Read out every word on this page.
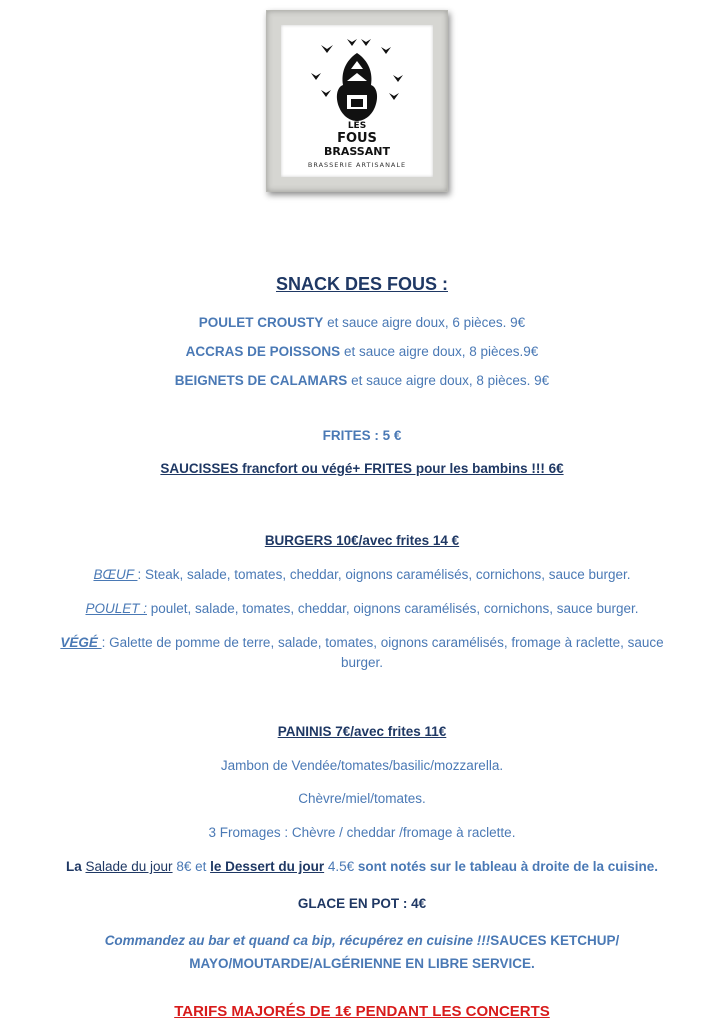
LES
FOUS
BRASSANT
BRASSERIE ARTISANALE
SNACK DES FOUS :
POULET CROUSTY et sauce aigre doux, 6 pièces. 9€
ACCRAS DE POISSONS et sauce aigre doux, 8 pièces.9€
BEIGNETS DE CALAMARS et sauce aigre doux, 8 pièces. 9€
FRITES : 5 €
SAUCISSES francfort ou végé+ FRITES pour les bambins !!! 6€
BURGERS 10€/avec frites 14 €
BŒUF : Steak, salade, tomates, cheddar, oignons caramélisés, cornichons, sauce burger.
POULET : poulet, salade, tomates, cheddar, oignons caramélisés, cornichons, sauce burger.
VÉGÉ : Galette de pomme de terre, salade, tomates, oignons caramélisés, fromage à raclette, sauce
burger.
PANINIS 7€/avec frites 11€
Jambon de Vendée/tomates/basilic/mozzarella.
Chèvre/miel/tomates.
3 Fromages : Chèvre / cheddar /fromage à raclette.
La Salade du jour 8€ et le Dessert du jour 4.5€ sont notés sur le tableau à droite de la cuisine.
GLACE EN POT : 4€
Commandez au bar et quand ca bip, récupérez en cuisine !!!SAUCES KETCHUP/
MAYO/MOUTARDE/ALGÉRIENNE EN LIBRE SERVICE.
TARIFS MAJORÉS DE 1€ PENDANT LES CONCERTS
